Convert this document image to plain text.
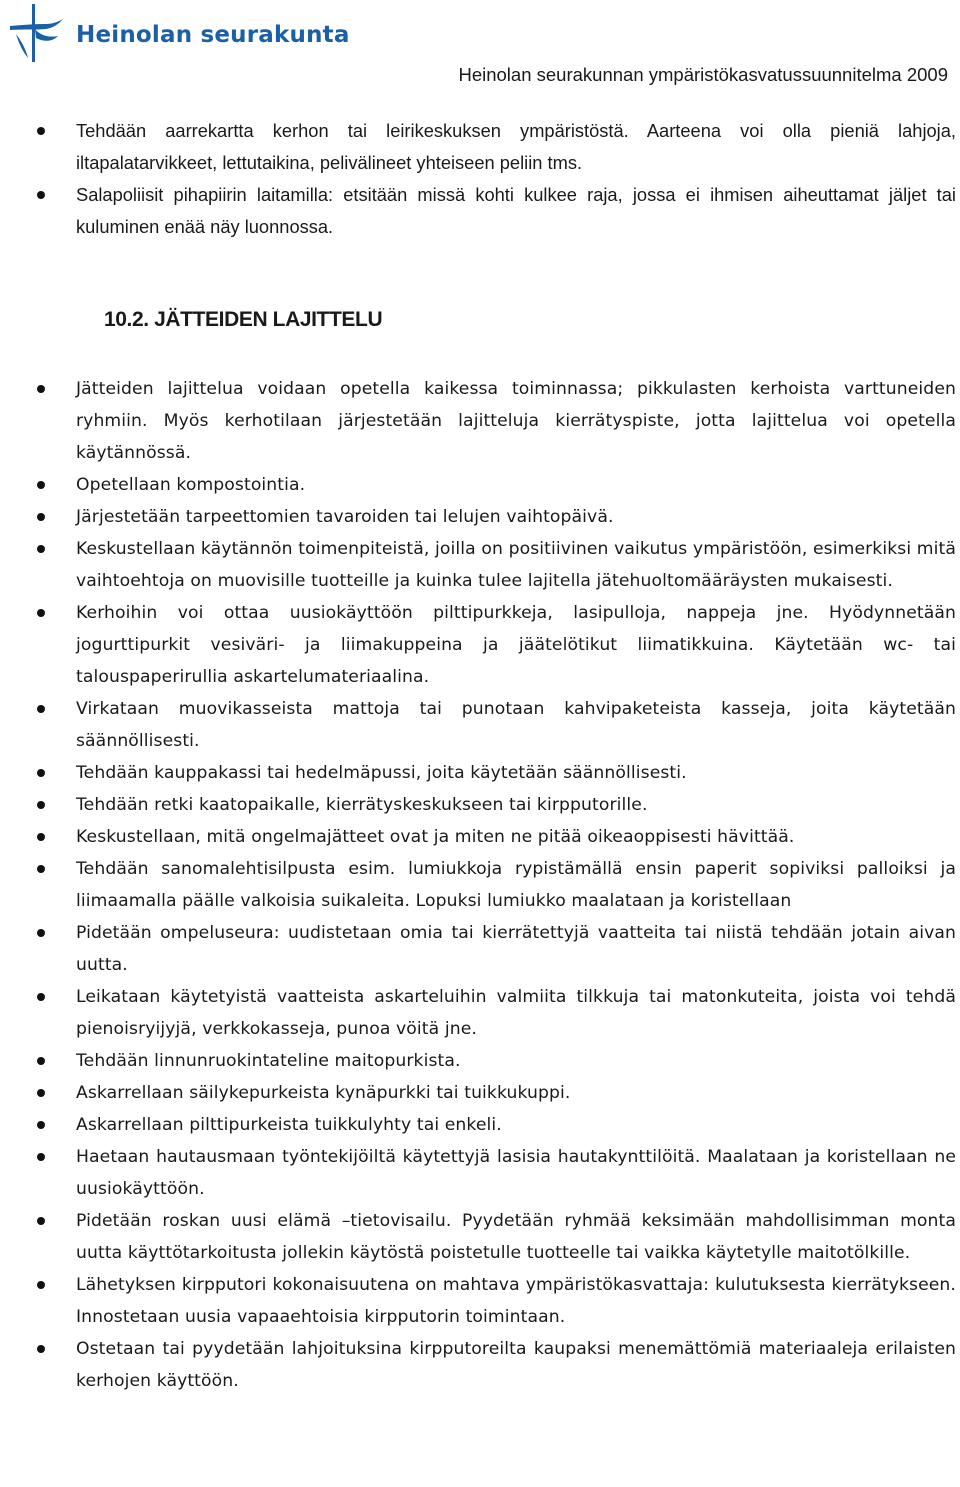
Heinolan seurakunta
Heinolan seurakunnan ympäristökasvatussuunnitelma 2009
Tehdään aarrekartta kerhon tai leirikeskuksen ympäristöstä. Aarteena voi olla pieniä lahjoja, iltapalatarvikkeet, lettutaikina, pelivälineet yhteiseen peliin tms.
Salapoliisit pihapiirin laitamilla: etsitään missä kohti kulkee raja, jossa ei ihmisen aiheuttamat jäljet tai kuluminen enää näy luonnossa.
10.2. JÄTTEIDEN LAJITTELU
Jätteiden lajittelua voidaan opetella kaikessa toiminnassa; pikkulasten kerhoista varttuneiden ryhmiin. Myös kerhotilaan järjestetään lajitteluja kierrätyspiste, jotta lajittelua voi opetella käytännössä.
Opetellaan kompostointia.
Järjestetään tarpeettomien tavaroiden tai lelujen vaihtopäivä.
Keskustellaan käytännön toimenpiteistä, joilla on positiivinen vaikutus ympäristöön, esimerkiksi mitä vaihtoehtoja on muovisille tuotteille ja kuinka tulee lajitella jätehuoltomääräysten mukaisesti.
Kerhoihin voi ottaa uusiokäyttöön pilttipurkkeja, lasipulloja, nappeja jne. Hyödynnetään jogurttipurkit vesiväri- ja liimakuppeina ja jäätelötikut liimatikkuina. Käytetään wc- tai talouspaperirullia askartelumateriaalina.
Virkataan muovikasseista mattoja tai punotaan kahvipaketeista kasseja, joita käytetään säännöllisesti.
Tehdään kauppakassi tai hedelmäpussi, joita käytetään säännöllisesti.
Tehdään retki kaatopaikalle, kierrätyskeskukseen tai kirpputorille.
Keskustellaan, mitä ongelmajätteet ovat ja miten ne pitää oikeaoppisesti hävittää.
Tehdään sanomalehtisilpusta esim. lumiukkoja rypistämällä ensin paperit sopiviksi palloiksi ja liimaamalla päälle valkoisia suikaleita. Lopuksi lumiukko maalataan ja koristellaan
Pidetään ompeluseura: uudistetaan omia tai kierrätettyjä vaatteita tai niistä tehdään jotain aivan uutta.
Leikataan käytetyistä vaatteista askarteluihin valmiita tilkkuja tai matonkuteita, joista voi tehdä pienoisryijyjä, verkkokasseja, punoa vöitä jne.
Tehdään linnunruokintateline maitopurkista.
Askarrellaan säilykepurkeista kynäpurkki tai tuikkukuppi.
Askarrellaan pilttipurkeista tuikkulyhty tai enkeli.
Haetaan hautausmaan työntekijöiltä käytettyjä lasisia hautakynttilöitä. Maalataan ja koristellaan ne uusiokäyttöön.
Pidetään roskan uusi elämä –tietovisailu. Pyydetään ryhmää keksimään mahdollisimman monta uutta käyttötarkoitusta jollekin käytöstä poistetulle tuotteelle tai vaikka käytetylle maitotölkille.
Lähetyksen kirpputori kokonaisuutena on mahtava ympäristökasvattaja: kulutuksesta kierrätykseen. Innostetaan uusia vapaaehtoisia kirpputorin toimintaan.
Ostetaan tai pyydetään lahjoituksina kirpputoreilta kaupaksi menemättömiä materiaaleja erilaisten kerhojen käyttöön.
